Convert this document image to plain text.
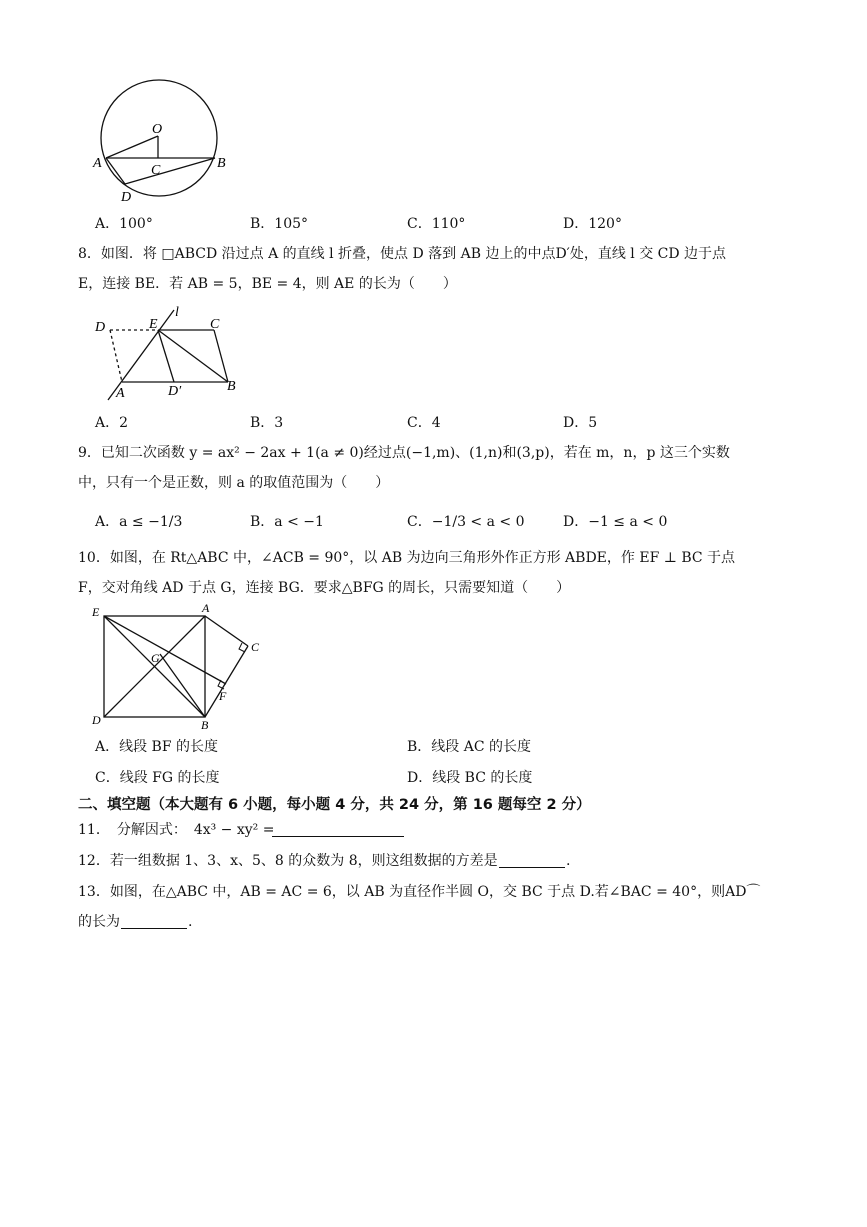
O
A	C	B
D
A．100°	B．105°	C．110°	D．120°
8．如图．将 □ABCD 沿过点 A 的直线 l 折叠，使点 D 落到 AB 边上的中点D′处，直线 l 交 CD 边于点
E，连接 BE．若 AB = 5，BE = 4，则 AE 的长为（　　）
D	E
l
C
A	D′	B
A．2	B．3	C．4	D．5
9．已知二次函数 y = ax² − 2ax + 1(a ≠ 0)经过点(−1,m)、(1,n)和(3,p)，若在 m，n，p 这三个实数
中，只有一个是正数，则 a 的取值范围为（　　）
A．a ≤ −1/3	B．a < −1	C．−1/3 < a < 0	D．−1 ≤ a < 0
10．如图，在 Rt△ABC 中，∠ACB = 90°，以 AB 为边向三角形外作正方形 ABDE，作 EF ⊥ BC 于点
F，交对角线 AD 于点 G，连接 BG．要求△BFG 的周长，只需要知道（　　）
E	A
C
G
F
D	B
A．线段 BF 的长度	B．线段 AC 的长度
C．线段 FG 的长度	D．线段 BC 的长度
二、填空题（本大题有 6 小题，每小题 4 分，共 24 分，第 16 题每空 2 分）
11．　分解因式：　4x³ − xy² =
12．若一组数据 1、3、x、5、8 的众数为 8，则这组数据的方差是	.
13．如图，在△ABC 中，AB = AC = 6，以 AB 为直径作半圆 O，交 BC 于点 D.若∠BAC = 40°，则AD⌒
的长为	.
